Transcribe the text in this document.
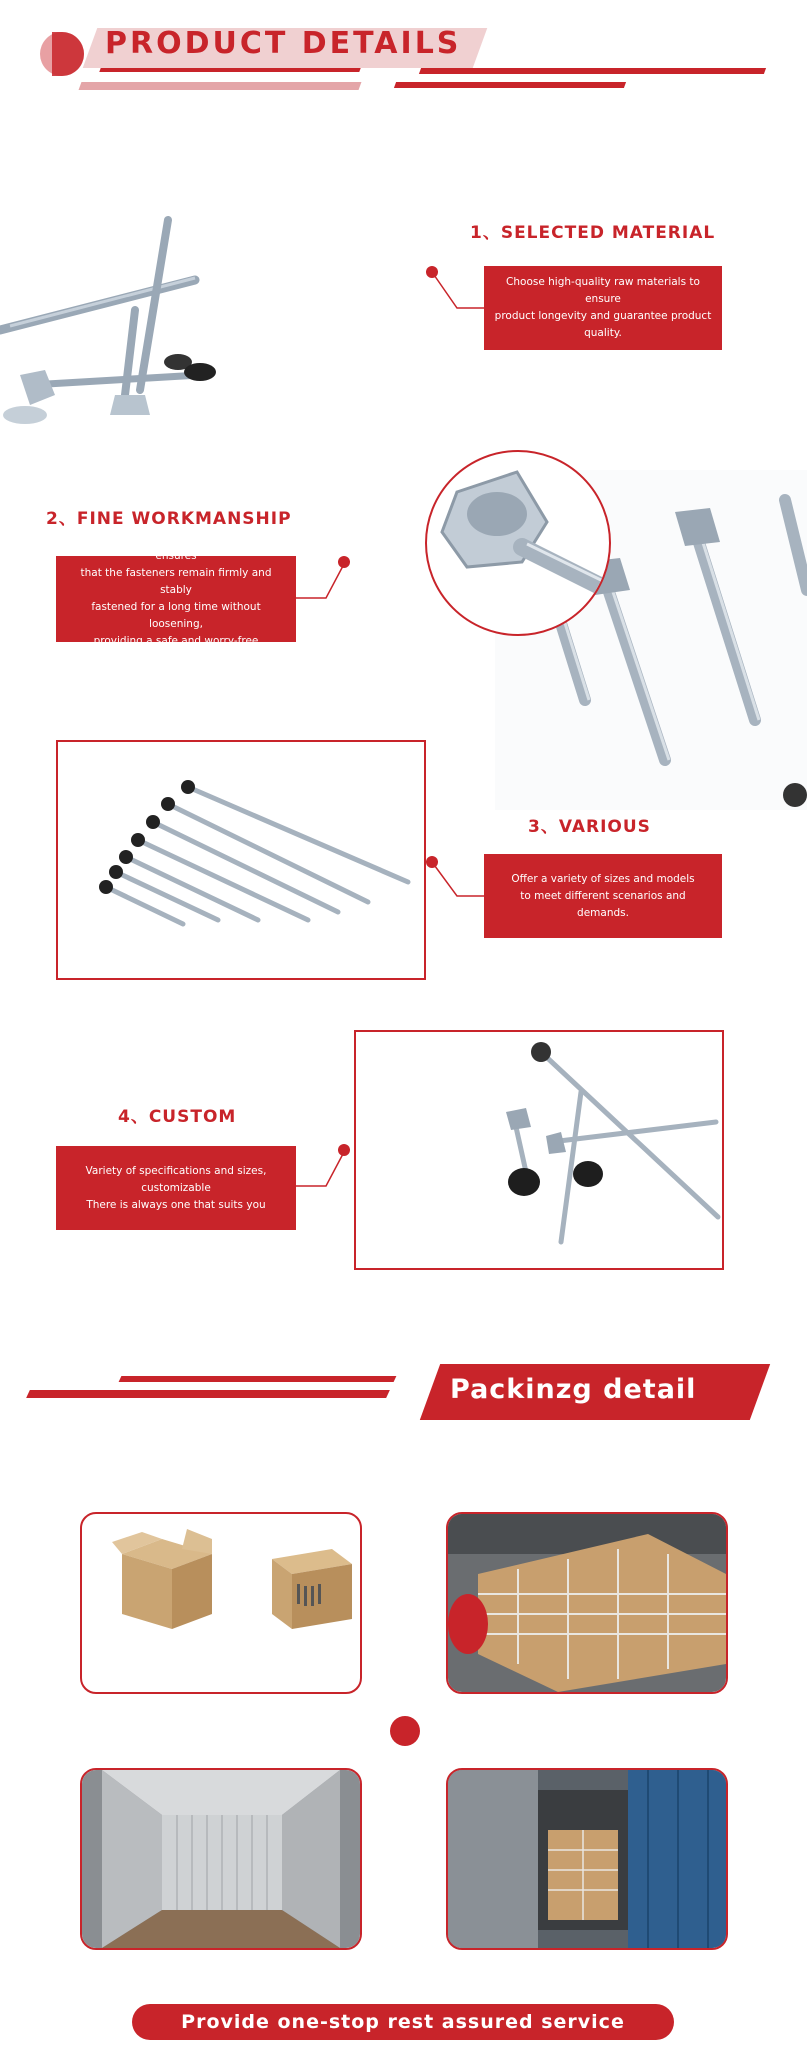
PRODUCT DETAILS
1、SELECTED MATERIAL
Choose high-quality raw materials to ensure
product longevity and guarantee product quality.
2、FINE WORKMANSHIP
The unique expansion structure design ensures
that the fasteners remain firmly and stably
fastened for a long time without loosening,
providing a safe and worry-free experience.
3、VARIOUS
Offer a variety of sizes and models
to meet different scenarios and demands.
4、CUSTOM
Variety of specifications and sizes,
customizable
There is always one that suits you
Packinzg detail
Provide one-stop rest assured service
